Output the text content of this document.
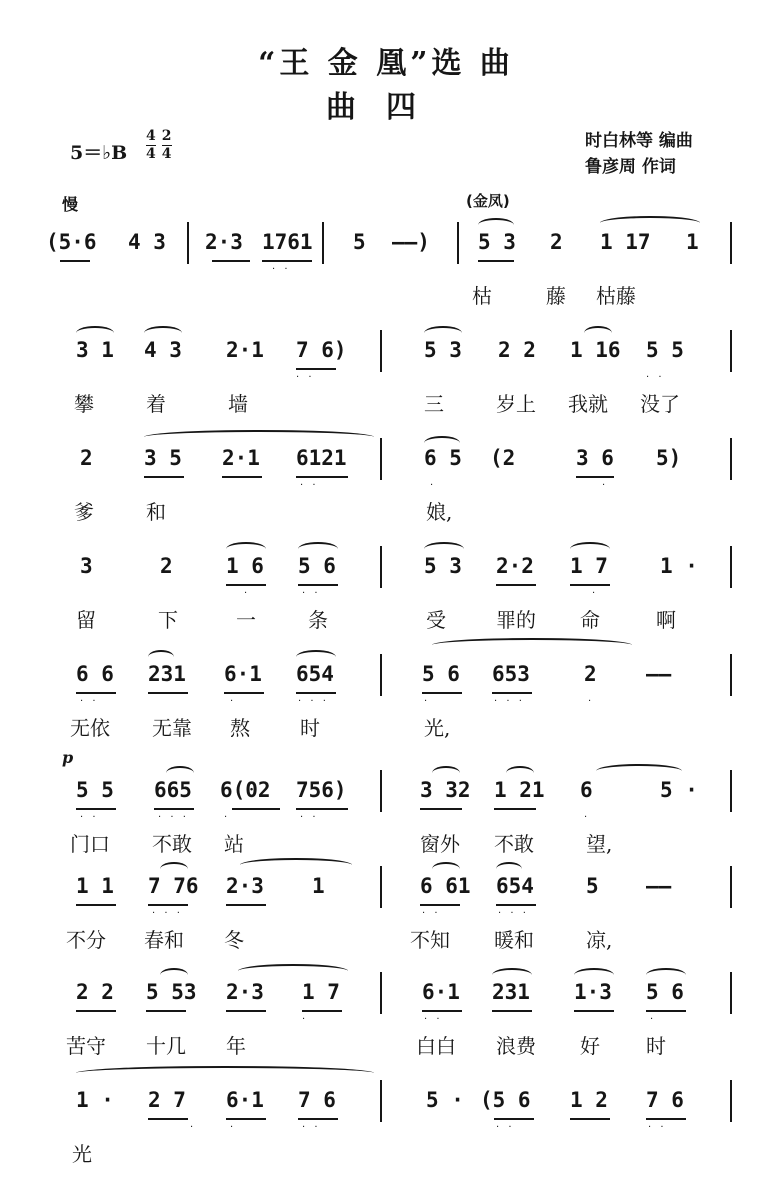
“王 金 凰”选 曲
曲四
时白林等 编曲
鲁彦周 作词
5＝♭B $\frac{4}{4} \frac{2}{4}$
慢	(金凤)
p
(5·6 4 3 2·3 1761 5 ——) 5 3 2 1 17 1
· ·
枯	藤 枯藤
3 1 4 3 2·1 7 6)	5 3 2 2 1 16 5 5
· ·	· ·
攀	着	墙	三	岁上 我就 没了
2 3 5 2·1 6121	6 5 (2	3 6 5)
· ·	·	·
爹	和	娘,
3	2	1 6 5 6	5 3 2·2 1 7 1 ·
·	· ·	·
留	下	一	条	受	罪的 命	啊
6 6 231 6·1 654	5 6 653	2 ——
· ·	·	· · ·	·	· · ·	·
无依 无靠 熬	时	光,
5 5 665 6(02 756)	3 32 1 21 6	5 ·
· ·	· · ·	·	· ·	·
门口 不敢 站	窗外 不敢	望,
1 1 7 76 2·3 1	6 61 654 5 ——
· · ·	· ·	· · ·
不分 春和 冬	不知 暖和	凉,
2 2 5 53 2·3 1 7	6·1 231 1·3 5 6
·	· ·	·
苦守 十几 年	白白 浪费 好 时
1 · 2 7 6·1 7 6	5 · (5 6 1 2 7 6
·	·	· ·	· ·	· ·
光
